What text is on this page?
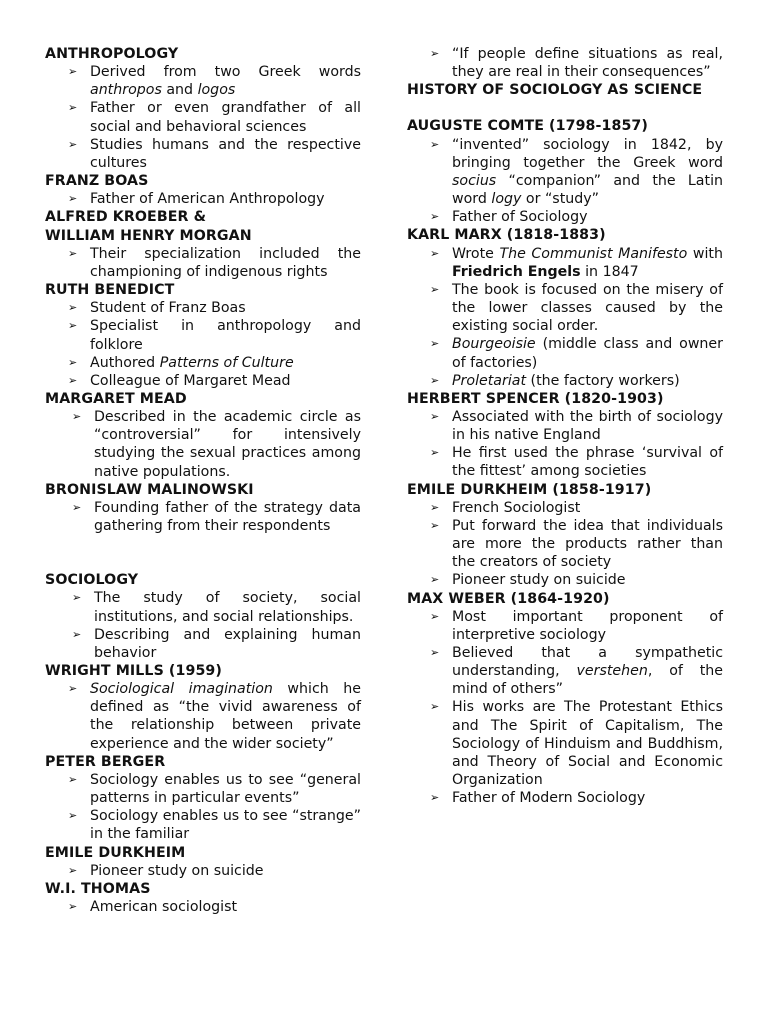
ANTHROPOLOGY
➢ Derived from two Greek words anthropos and logos
➢ Father or even grandfather of all social and behavioral sciences
➢ Studies humans and the respective cultures
FRANZ BOAS
➢ Father of American Anthropology
ALFRED KROEBER &
WILLIAM HENRY MORGAN
➢ Their specialization included the championing of indigenous rights
RUTH BENEDICT
➢ Student of Franz Boas
➢ Specialist in anthropology and folklore
➢ Authored Patterns of Culture
➢ Colleague of Margaret Mead
MARGARET MEAD
➢ Described in the academic circle as “controversial” for intensively studying the sexual practices among native populations.
BRONISLAW MALINOWSKI
➢ Founding father of the strategy data gathering from their respondents
SOCIOLOGY
➢ The study of society, social institutions, and social relationships.
➢ Describing and explaining human behavior
WRIGHT MILLS (1959)
➢ Sociological imagination which he defined as “the vivid awareness of the relationship between private experience and the wider society”
PETER BERGER
➢ Sociology enables us to see “general patterns in particular events”
➢ Sociology enables us to see “strange” in the familiar
EMILE DURKHEIM
➢ Pioneer study on suicide
W.I. THOMAS
➢ American sociologist
➢ “If people define situations as real, they are real in their consequences”
HISTORY OF SOCIOLOGY AS SCIENCE
AUGUSTE COMTE (1798-1857)
➢ “invented” sociology in 1842, by bringing together the Greek word socius “companion” and the Latin word logy or “study”
➢ Father of Sociology
KARL MARX (1818-1883)
➢ Wrote The Communist Manifesto with Friedrich Engels in 1847
➢ The book is focused on the misery of the lower classes caused by the existing social order.
➢ Bourgeoisie (middle class and owner of factories)
➢ Proletariat (the factory workers)
HERBERT SPENCER (1820-1903)
➢ Associated with the birth of sociology in his native England
➢ He first used the phrase ‘survival of the fittest’ among societies
EMILE DURKHEIM (1858-1917)
➢ French Sociologist
➢ Put forward the idea that individuals are more the products rather than the creators of society
➢ Pioneer study on suicide
MAX WEBER (1864-1920)
➢ Most important proponent of interpretive sociology
➢ Believed that a sympathetic understanding, verstehen, of the mind of others”
➢ His works are The Protestant Ethics and The Spirit of Capitalism, The Sociology of Hinduism and Buddhism, and Theory of Social and Economic Organization
➢ Father of Modern Sociology
